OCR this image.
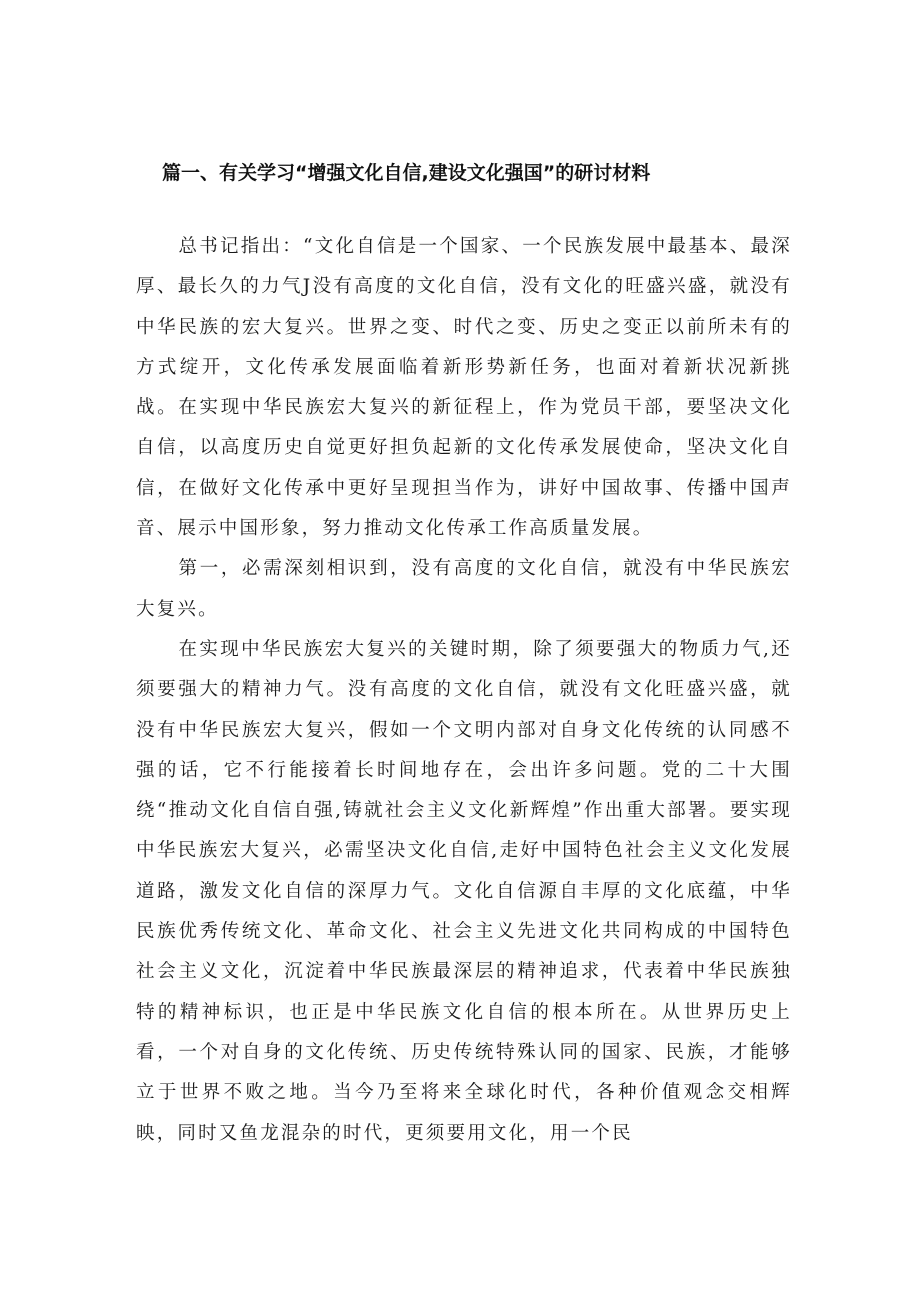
篇一、有关学习“增强文化自信,建设文化强国”的研讨材料

总书记指出：“文化自信是一个国家、一个民族发展中最基本、最深厚、最长久的力气J没有高度的文化自信，没有文化的旺盛兴盛，就没有中华民族的宏大复兴。世界之变、时代之变、历史之变正以前所未有的方式绽开，文化传承发展面临着新形势新任务，也面对着新状况新挑战。在实现中华民族宏大复兴的新征程上，作为党员干部，要坚决文化自信，以高度历史自觉更好担负起新的文化传承发展使命，坚决文化自信，在做好文化传承中更好呈现担当作为，讲好中国故事、传播中国声音、展示中国形象，努力推动文化传承工作高质量发展。

第一，必需深刻相识到，没有高度的文化自信，就没有中华民族宏大复兴。

在实现中华民族宏大复兴的关键时期，除了须要强大的物质力气,还须要强大的精神力气。没有高度的文化自信，就没有文化旺盛兴盛，就没有中华民族宏大复兴，假如一个文明内部对自身文化传统的认同感不强的话，它不行能接着长时间地存在，会出许多问题。党的二十大围绕“推动文化自信自强,铸就社会主义文化新辉煌”作出重大部署。要实现中华民族宏大复兴，必需坚决文化自信,走好中国特色社会主义文化发展道路，激发文化自信的深厚力气。文化自信源自丰厚的文化底蕴，中华民族优秀传统文化、革命文化、社会主义先进文化共同构成的中国特色社会主义文化，沉淀着中华民族最深层的精神追求，代表着中华民族独特的精神标识，也正是中华民族文化自信的根本所在。从世界历史上看，一个对自身的文化传统、历史传统特殊认同的国家、民族，才能够立于世界不败之地。当今乃至将来全球化时代，各种价值观念交相辉映，同时又鱼龙混杂的时代，更须要用文化，用一个民
